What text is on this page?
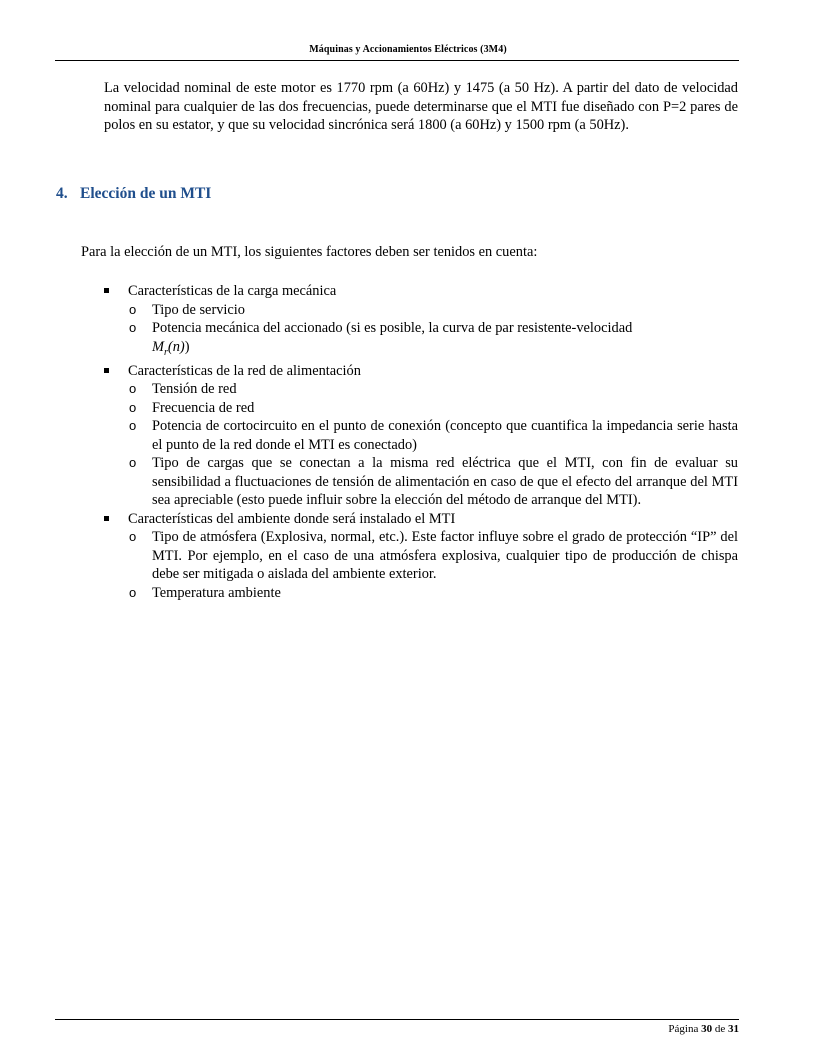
Máquinas y Accionamientos Eléctricos (3M4)

La velocidad nominal de este motor es 1770 rpm (a 60Hz) y 1475 (a 50 Hz). A partir del dato de velocidad nominal para cualquier de las dos frecuencias, puede determinarse que el MTI fue diseñado con P=2 pares de polos en su estator, y que su velocidad sincrónica será 1800 (a 60Hz) y 1500 rpm (a 50Hz).

4. Elección de un MTI
Para la elección de un MTI, los siguientes factores deben ser tenidos en cuenta:
Características de la carga mecánica
o Tipo de servicio
o Potencia mecánica del accionado (si es posible, la curva de par resistente-velocidad
$M_r(n)$)
Características de la red de alimentación
o Tensión de red
o Frecuencia de red
o Potencia de cortocircuito en el punto de conexión (concepto que cuantifica la impedancia serie hasta el punto de la red donde el MTI es conectado)
o Tipo de cargas que se conectan a la misma red eléctrica que el MTI, con fin de evaluar su sensibilidad a fluctuaciones de tensión de alimentación en caso de que el efecto del arranque del MTI sea apreciable (esto puede influir sobre la elección del método de arranque del MTI).
Características del ambiente donde será instalado el MTI
o Tipo de atmósfera (Explosiva, normal, etc.). Este factor influye sobre el grado de protección “IP” del MTI. Por ejemplo, en el caso de una atmósfera explosiva, cualquier tipo de producción de chispa debe ser mitigada o aislada del ambiente exterior.
o Temperatura ambiente
Página 30 de 31
